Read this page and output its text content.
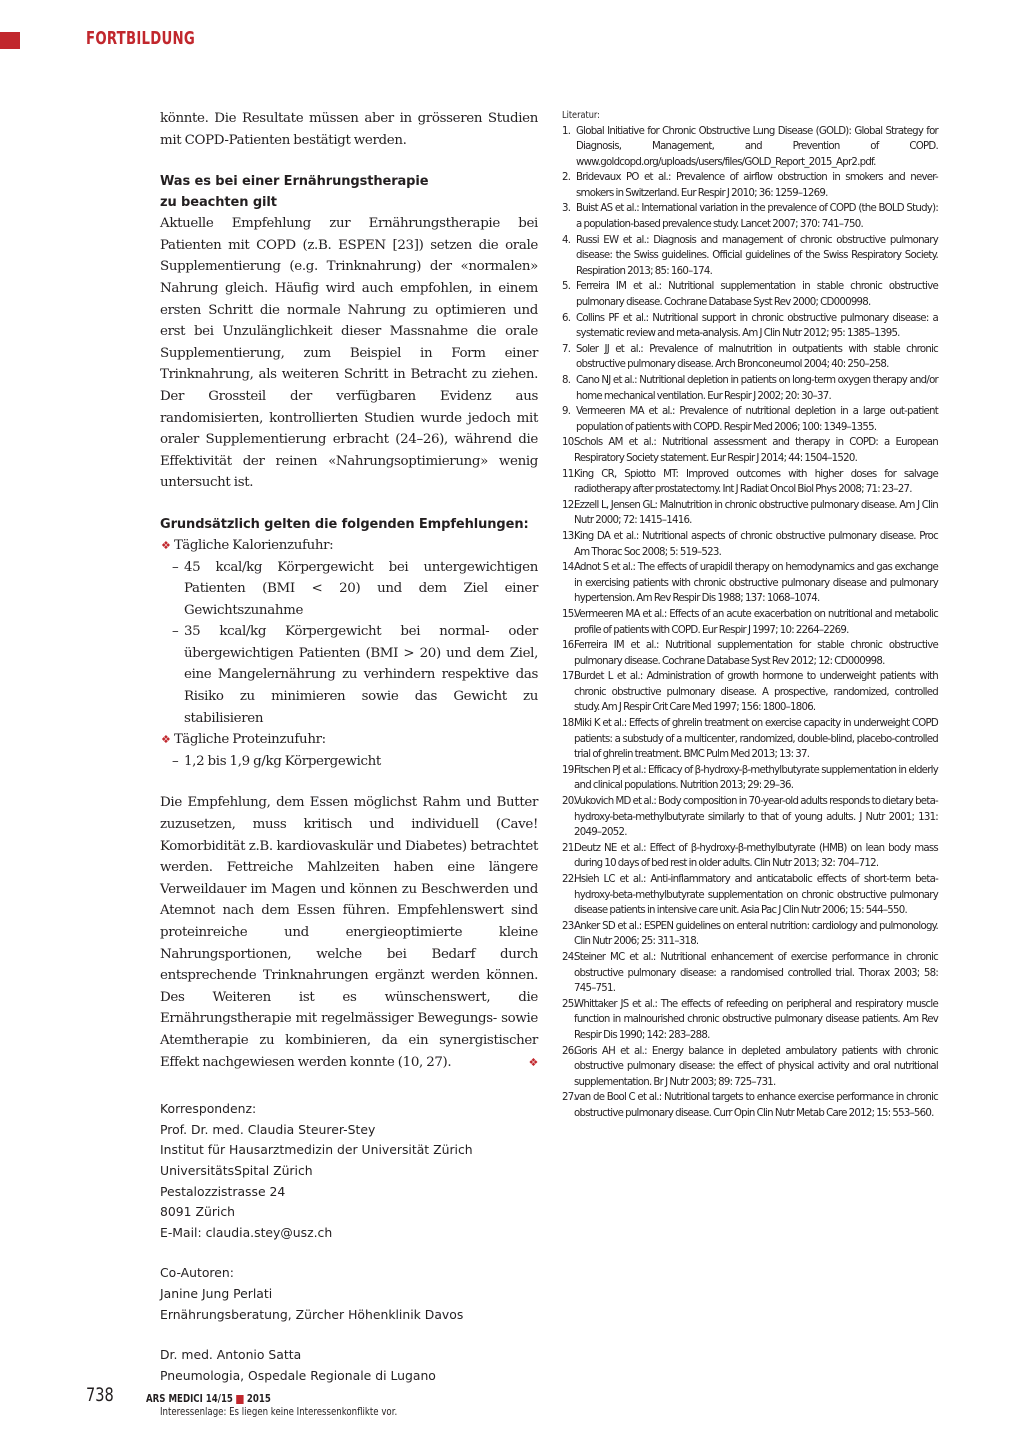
FORTBILDUNG

könnte. Die Resultate müssen aber in grösseren Studien mit COPD-Patienten bestätigt werden.

Was es bei einer Ernährungstherapie
zu beachten gilt

Aktuelle Empfehlung zur Ernährungstherapie bei Patienten mit COPD (z.B. ESPEN [23]) setzen die orale Supplementierung (e.g. Trinknahrung) der «normalen» Nahrung gleich. Häufig wird auch empfohlen, in einem ersten Schritt die normale Nahrung zu optimieren und erst bei Unzulänglichkeit dieser Massnahme die orale Supplementierung, zum Beispiel in Form einer Trinknahrung, als weiteren Schritt in Betracht zu ziehen. Der Grossteil der verfügbaren Evidenz aus randomisierten, kontrollierten Studien wurde jedoch mit oraler Supplementierung erbracht (24–26), während die Effektivität der reinen «Nahrungsoptimierung» wenig untersucht ist.

Grundsätzlich gelten die folgenden Empfehlungen:

❖ Tägliche Kalorienzufuhr:
– 45 kcal/kg Körpergewicht bei untergewichtigen Patienten (BMI < 20) und dem Ziel einer Gewichtszunahme
– 35 kcal/kg Körpergewicht bei normal- oder übergewichtigen Patienten (BMI > 20) und dem Ziel, eine Mangelernährung zu verhindern respektive das Risiko zu minimieren sowie das Gewicht zu stabilisieren
❖ Tägliche Proteinzufuhr:
– 1,2 bis 1,9 g/kg Körpergewicht

Die Empfehlung, dem Essen möglichst Rahm und Butter zuzusetzen, muss kritisch und individuell (Cave! Komorbidität z.B. kardiovaskulär und Diabetes) betrachtet werden. Fettreiche Mahlzeiten haben eine längere Verweildauer im Magen und können zu Beschwerden und Atemnot nach dem Essen führen. Empfehlenswert sind proteinreiche und energieoptimierte kleine Nahrungsportionen, welche bei Bedarf durch entsprechende Trinknahrungen ergänzt werden können. Des Weiteren ist es wünschenswert, die Ernährungstherapie mit regelmässiger Bewegungs- sowie Atemtherapie zu kombinieren, da ein synergistischer Effekt nachgewiesen werden konnte (10, 27).	❖

Korrespondenz:

Prof. Dr. med. Claudia Steurer-Stey

Institut für Hausarztmedizin der Universität Zürich

UniversitätsSpital Zürich

Pestalozzistrasse 24

8091 Zürich

E-Mail: claudia.stey@usz.ch

Co-Autoren:

Janine Jung Perlati

Ernährungsberatung, Zürcher Höhenklinik Davos

Dr. med. Antonio Satta

Pneumologia, Ospedale Regionale di Lugano

Interessenlage: Es liegen keine Interessenkonflikte vor.

Literatur:

1. Global Initiative for Chronic Obstructive Lung Disease (GOLD): Global Strategy for Diagnosis, Management, and Prevention of COPD. www.goldcopd.org/uploads/users/files/GOLD_Report_2015_Apr2.pdf.
2. Bridevaux PO et al.: Prevalence of airflow obstruction in smokers and never-smokers in Switzerland. Eur Respir J 2010; 36: 1259–1269.
3. Buist AS et al.: International variation in the prevalence of COPD (the BOLD Study): a population-based prevalence study. Lancet 2007; 370: 741–750.
4. Russi EW et al.: Diagnosis and management of chronic obstructive pulmonary disease: the Swiss guidelines. Official guidelines of the Swiss Respiratory Society. Respiration 2013; 85: 160–174.
5. Ferreira IM et al.: Nutritional supplementation in stable chronic obstructive pulmonary disease. Cochrane Database Syst Rev 2000; CD000998.
6. Collins PF et al.: Nutritional support in chronic obstructive pulmonary disease: a systematic review and meta-analysis. Am J Clin Nutr 2012; 95: 1385–1395.
7. Soler JJ et al.: Prevalence of malnutrition in outpatients with stable chronic obstructive pulmonary disease. Arch Bronconeumol 2004; 40: 250–258.
8. Cano NJ et al.: Nutritional depletion in patients on long-term oxygen therapy and/or home mechanical ventilation. Eur Respir J 2002; 20: 30–37.
9. Vermeeren MA et al.: Prevalence of nutritional depletion in a large out-patient population of patients with COPD. Respir Med 2006; 100: 1349–1355.
10.
Schols AM et al.: Nutritional assessment and therapy in COPD: a European Respiratory Society statement. Eur Respir J 2014; 44: 1504–1520.
11.
King CR, Spiotto MT: Improved outcomes with higher doses for salvage radiotherapy after prostatectomy. Int J Radiat Oncol Biol Phys 2008; 71: 23–27.
12.
Ezzell L, Jensen GL: Malnutrition in chronic obstructive pulmonary disease. Am J Clin Nutr 2000; 72: 1415–1416.
13.
King DA et al.: Nutritional aspects of chronic obstructive pulmonary disease. Proc Am Thorac Soc 2008; 5: 519–523.
14.
Adnot S et al.: The effects of urapidil therapy on hemodynamics and gas exchange in exercising patients with chronic obstructive pulmonary disease and pulmonary hypertension. Am Rev Respir Dis 1988; 137: 1068–1074.
15.
Vermeeren MA et al.: Effects of an acute exacerbation on nutritional and metabolic profile of patients with COPD. Eur Respir J 1997; 10: 2264–2269.
16.
Ferreira IM et al.: Nutritional supplementation for stable chronic obstructive pulmonary disease. Cochrane Database Syst Rev 2012; 12: CD000998.
17.
Burdet L et al.: Administration of growth hormone to underweight patients with chronic obstructive pulmonary disease. A prospective, randomized, controlled study. Am J Respir Crit Care Med 1997; 156: 1800–1806.
18.
Miki K et al.: Effects of ghrelin treatment on exercise capacity in underweight COPD patients: a substudy of a multicenter, randomized, double-blind, placebo-controlled trial of ghrelin treatment. BMC Pulm Med 2013; 13: 37.
19.
Fitschen PJ et al.: Efficacy of β-hydroxy-β-methylbutyrate supplementation in elderly and clinical populations. Nutrition 2013; 29: 29–36.
20.
Vukovich MD et al.: Body composition in 70-year-old adults responds to dietary beta-hydroxy-beta-methylbutyrate similarly to that of young adults. J Nutr 2001; 131: 2049–2052.
21.
Deutz NE et al.: Effect of β-hydroxy-β-methylbutyrate (HMB) on lean body mass during 10 days of bed rest in older adults. Clin Nutr 2013; 32: 704–712.
22.
Hsieh LC et al.: Anti-inflammatory and anticatabolic effects of short-term beta-hydroxy-beta-methylbutyrate supplementation on chronic obstructive pulmonary disease patients in intensive care unit. Asia Pac J Clin Nutr 2006; 15: 544–550.
23.
Anker SD et al.: ESPEN guidelines on enteral nutrition: cardiology and pulmonology. Clin Nutr 2006; 25: 311–318.
24.
Steiner MC et al.: Nutritional enhancement of exercise performance in chronic obstructive pulmonary disease: a randomised controlled trial. Thorax 2003; 58: 745–751.
25.
Whittaker JS et al.: The effects of refeeding on peripheral and respiratory muscle function in malnourished chronic obstructive pulmonary disease patients. Am Rev Respir Dis 1990; 142: 283–288.
26.
Goris AH et al.: Energy balance in depleted ambulatory patients with chronic obstructive pulmonary disease: the effect of physical activity and oral nutritional supplementation. Br J Nutr 2003; 89: 725–731.
27.
van de Bool C et al.: Nutritional targets to enhance exercise performance in chronic obstructive pulmonary disease. Curr Opin Clin Nutr Metab Care 2012; 15: 553–560.
738	ARS MEDICI 14/15 2015
